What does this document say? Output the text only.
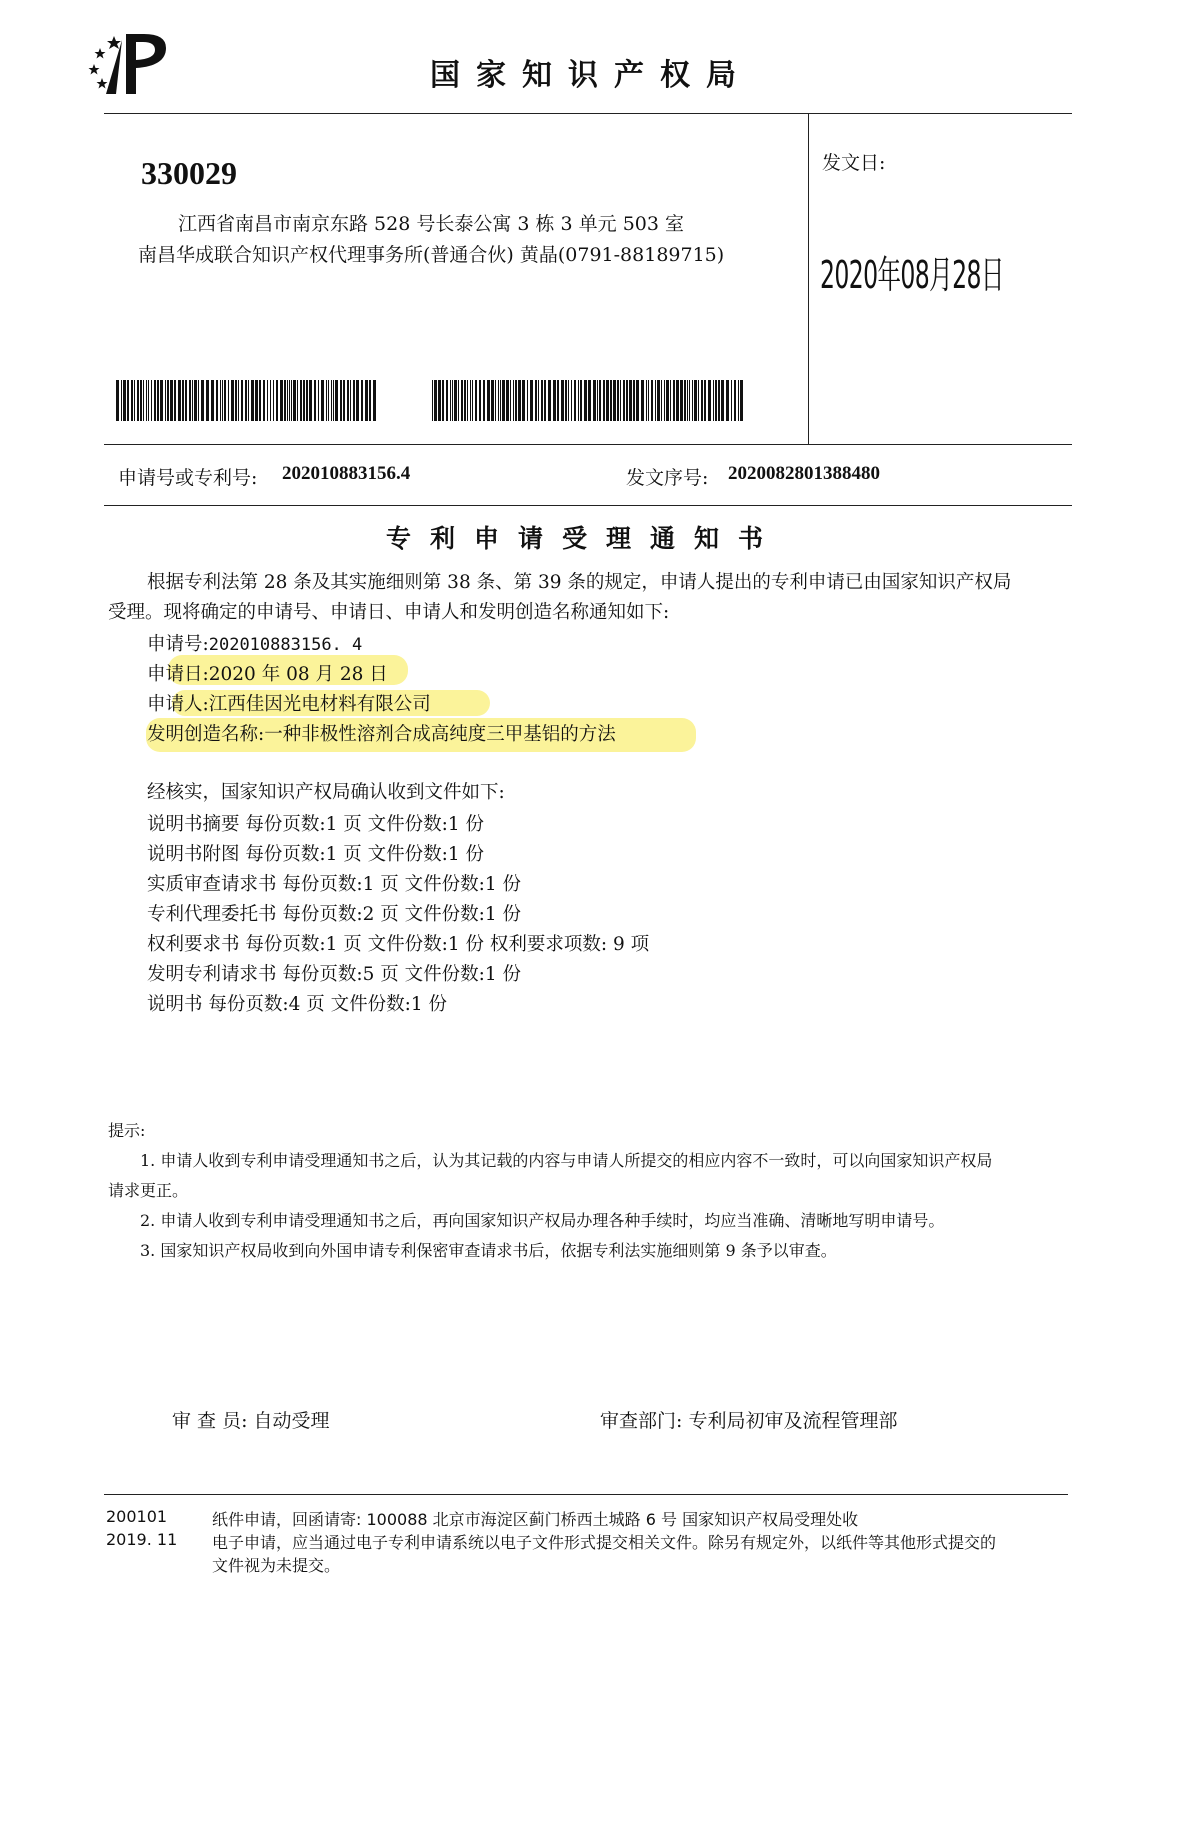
国家知识产权局
330029
江西省南昌市南京东路 528 号长泰公寓 3 栋 3 单元 503 室
南昌华成联合知识产权代理事务所(普通合伙) 黄晶(0791-88189715)
发文日:
2020年08月28日
申请号或专利号: 202010883156.4	发文序号: 2020082801388480
专利申请受理通知书
根据专利法第 28 条及其实施细则第 38 条、第 39 条的规定，申请人提出的专利申请已由国家知识产权局
受理。现将确定的申请号、申请日、申请人和发明创造名称通知如下:
申请号:202010883156. 4
申请日:2020 年 08 月 28 日
申请人:江西佳因光电材料有限公司
发明创造名称:一种非极性溶剂合成高纯度三甲基铝的方法
经核实，国家知识产权局确认收到文件如下:
说明书摘要 每份页数:1 页 文件份数:1 份
说明书附图 每份页数:1 页 文件份数:1 份
实质审查请求书 每份页数:1 页 文件份数:1 份
专利代理委托书 每份页数:2 页 文件份数:1 份
权利要求书 每份页数:1 页 文件份数:1 份 权利要求项数: 9 项
发明专利请求书 每份页数:5 页 文件份数:1 份
说明书 每份页数:4 页 文件份数:1 份
提示:
1. 申请人收到专利申请受理通知书之后，认为其记载的内容与申请人所提交的相应内容不一致时，可以向国家知识产权局
请求更正。
2. 申请人收到专利申请受理通知书之后，再向国家知识产权局办理各种手续时，均应当准确、清晰地写明申请号。
3. 国家知识产权局收到向外国申请专利保密审查请求书后，依据专利法实施细则第 9 条予以审查。
审 查 员: 自动受理	审查部门: 专利局初审及流程管理部
200101
2019. 11
纸件申请，回函请寄: 100088 北京市海淀区蓟门桥西土城路 6 号 国家知识产权局受理处收
电子申请，应当通过电子专利申请系统以电子文件形式提交相关文件。除另有规定外，以纸件等其他形式提交的
文件视为未提交。
